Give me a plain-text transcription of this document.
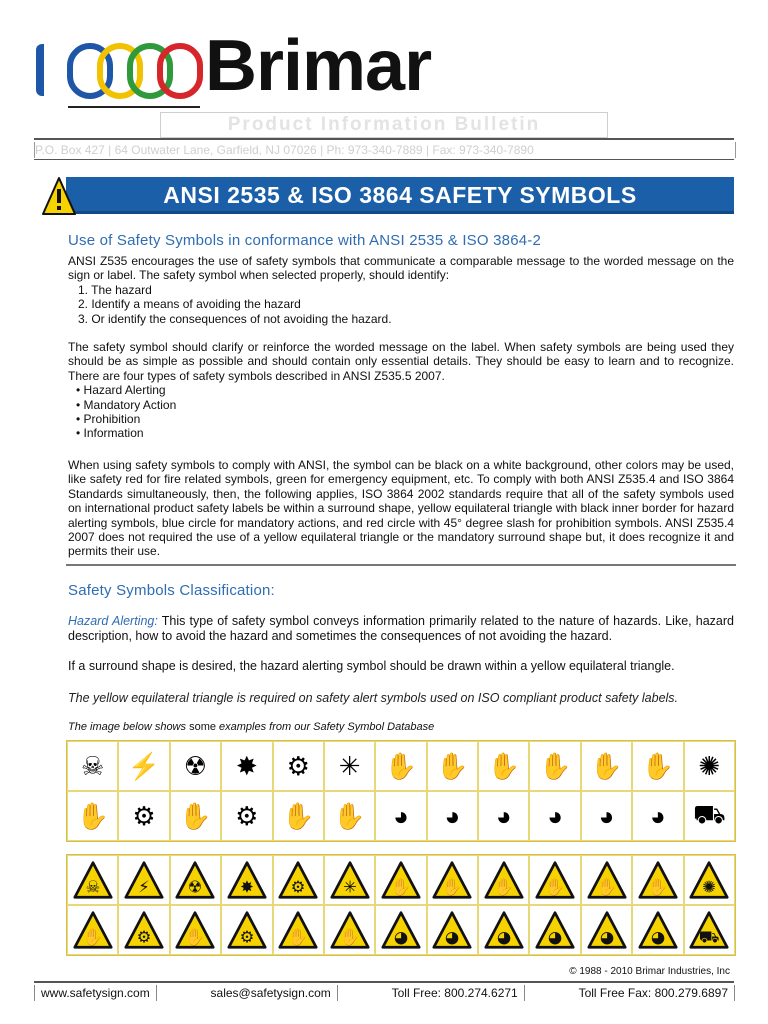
Brimar
Product Information Bulletin
P.O. Box 427 | 64 Outwater Lane, Garfield, NJ 07026 | Ph: 973-340-7889 | Fax: 973-340-7890
ANSI 2535 & ISO 3864 SAFETY SYMBOLS
Use of Safety Symbols in conformance with ANSI 2535 & ISO 3864-2

ANSI Z535 encourages the use of safety symbols that communicate a comparable message to the worded message on the sign or label. The safety symbol when selected properly, should identify:

1. The hazard
2. Identify a means of avoiding the hazard
3. Or identify the consequences of not avoiding the hazard.

The safety symbol should clarify or reinforce the worded message on the label. When safety symbols are being used they should be as simple as possible and should contain only essential details. They should be easy to learn and to recognize. There are four types of safety symbols described in ANSI Z535.5 2007.

• Hazard Alerting
• Mandatory Action
• Prohibition
• Information

When using safety symbols to comply with ANSI, the symbol can be black on a white background, other colors may be used, like safety red for fire related symbols, green for emergency equipment, etc. To comply with both ANSI Z535.4 and ISO 3864 Standards simultaneously, then, the following applies, ISO 3864 2002 standards require that all of the safety symbols used on international product safety labels be within a surround shape, yellow equilateral triangle with black inner border for hazard alerting symbols, blue circle for mandatory actions, and red circle with 45° degree slash for prohibition symbols. ANSI Z535.4 2007 does not required the use of a yellow equilateral triangle or the mandatory surround shape but, it does recognize it and permits their use.

Safety Symbols Classification:

Hazard Alerting: This type of safety symbol conveys information primarily related to the nature of hazards. Like, hazard description, how to avoid the hazard and sometimes the consequences of not avoiding the hazard.

If a surround shape is desired, the hazard alerting symbol should be drawn within a yellow equilateral triangle.

The yellow equilateral triangle is required on safety alert symbols used on ISO compliant product safety labels.
The image below shows some examples from our Safety Symbol Database
☠ ⚡ ☢	✸	⚙	✳ ✋ ✋ ✋ ✋ ✋ ✋ ✺
✋ ⚙ ✋ ⚙ ✋ ✋	◕	◕	◕	◕	◕	◕	⛟
☠ ⚡ ☢ ✸ ⚙ ✳ ✋ ✋ ✋ ✋ ✋ ✋ ✺
✋ ⚙ ✋ ⚙ ✋ ✋ ◕ ◕ ◕ ◕ ◕ ◕ ⛟
© 1988 - 2010 Brimar Industries, Inc
www.safetysign.com	sales@safetysign.com	Toll Free: 800.274.6271	Toll Free Fax: 800.279.6897
